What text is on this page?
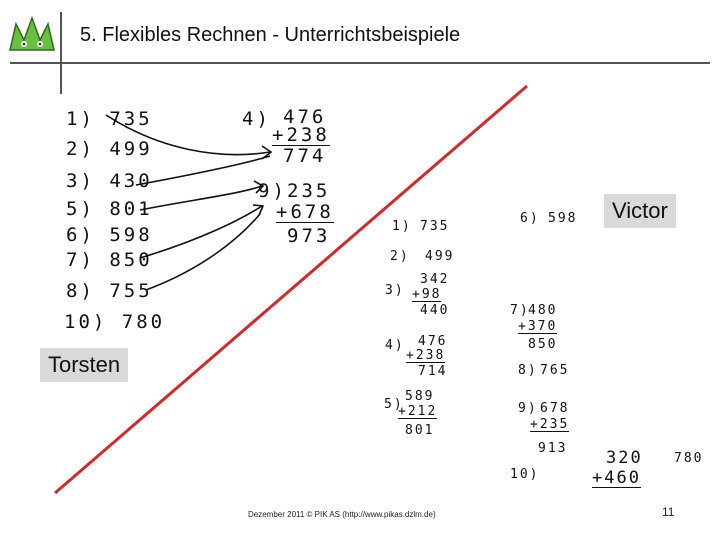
5. Flexibles Rechnen - Unterrichtsbeispiele
1) 735
2) 499
3) 430
5) 801
6) 598
7) 850
8) 755
10) 780
4) 476
+238
774
9) 235
+678
973
Torsten
Victor
1) 735
2) 499
3)
342
+98
440
4) 476
+238
714
5)
589
+212
801
6) 598
7)
480
+370
850
8) 765
9) 678
+235
913
10)
320
+460
780
Dezember 2011 © PIK AS (http://www.pikas.dzlm.de)	11
